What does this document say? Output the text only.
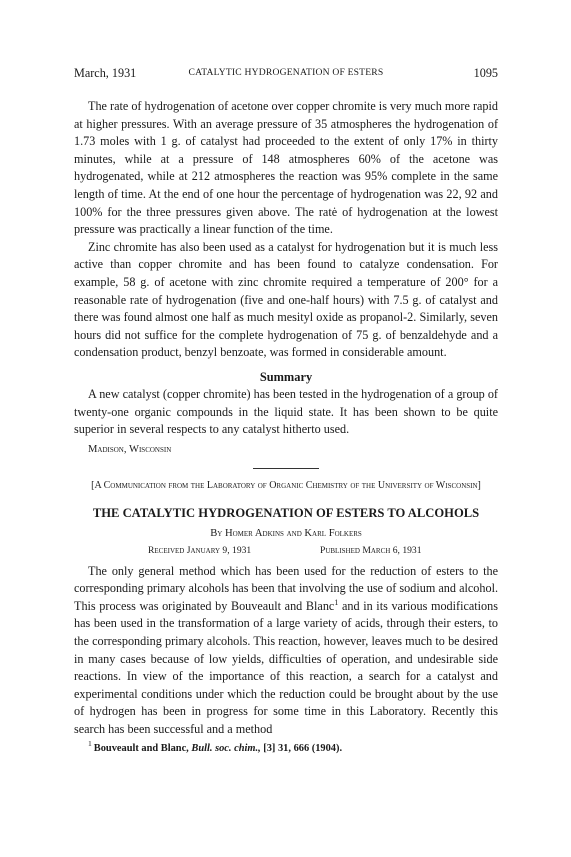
March, 1931	CATALYTIC HYDROGENATION OF ESTERS	1095

The rate of hydrogenation of acetone over copper chromite is very much more rapid at higher pressures. With an average pressure of 35 atmospheres the hydrogenation of 1.73 moles with 1 g. of catalyst had proceeded to the extent of only 17% in thirty minutes, while at a pressure of 148 atmospheres 60% of the acetone was hydrogenated, while at 212 atmospheres the reaction was 95% complete in the same length of time. At the end of one hour the percentage of hydrogenation was 22, 92 and 100% for the three pressures given above. The ratė of hydrogenation at the lowest pressure was practically a linear function of the time.

Zinc chromite has also been used as a catalyst for hydrogenation but it is much less active than copper chromite and has been found to catalyze condensation. For example, 58 g. of acetone with zinc chromite required a temperature of 200° for a reasonable rate of hydrogenation (five and one-half hours) with 7.5 g. of catalyst and there was found almost one half as much mesityl oxide as propanol-2. Similarly, seven hours did not suffice for the complete hydrogenation of 75 g. of benzaldehyde and a condensation product, benzyl benzoate, was formed in considerable amount.

Summary

A new catalyst (copper chromite) has been tested in the hydrogenation of a group of twenty-one organic compounds in the liquid state. It has been shown to be quite superior in several respects to any catalyst hitherto used.

Madison, Wisconsin
[A Communication from the Laboratory of Organic Chemistry of the University of Wisconsin]
THE CATALYTIC HYDROGENATION OF ESTERS TO ALCOHOLS
By Homer Adkins and Karl Folkers
Received January 9, 1931	Published March 6, 1931

The only general method which has been used for the reduction of esters to the corresponding primary alcohols has been that involving the use of sodium and alcohol. This process was originated by Bouveault and Blanc$^1$ and in its various modifications has been used in the transformation of a large variety of acids, through their esters, to the corresponding primary alcohols. This reaction, however, leaves much to be desired in many cases because of low yields, difficulties of operation, and undesirable side reactions. In view of the importance of this reaction, a search for a catalyst and experimental conditions under which the reduction could be brought about by the use of hydrogen has been in progress for some time in this Laboratory. Recently this search has been successful and a method

$^1$ Bouveault and Blanc, Bull. soc. chim., [3] 31, 666 (1904).
